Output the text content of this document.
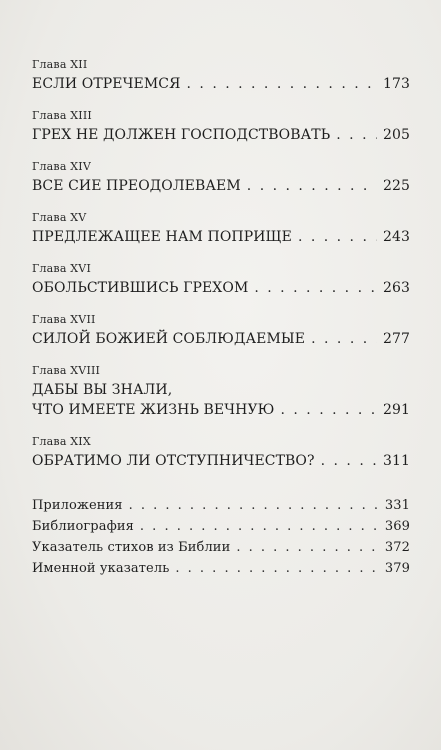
Глава XII
ЕСЛИ ОТРЕЧЕМСЯ . . .	173
Глава XIII
ГРЕХ НЕ ДОЛЖЕН ГОСПОДСТВОВАТЬ . . .	205
Глава XIV
ВСЕ СИЕ ПРЕОДОЛЕВАЕМ . . .	225
Глава XV
ПРЕДЛЕЖАЩЕЕ НАМ ПОПРИЩЕ . . .	243
Глава XVI
ОБОЛЬСТИВШИСЬ ГРЕХОМ . . .	263
Глава XVII
СИЛОЙ БОЖИЕЙ СОБЛЮДАЕМЫЕ . . .	277
Глава XVIII
ДАБЫ ВЫ ЗНАЛИ,
ЧТО ИМЕЕТЕ ЖИЗНЬ ВЕЧНУЮ . . .	291
Глава XIX
ОБРАТИМО ЛИ ОТСТУПНИЧЕСТВО? . . .	311
Приложения . . .	331
Библиография . . .	369
Указатель стихов из Библии . . .	372
Именной указатель . . .	379
